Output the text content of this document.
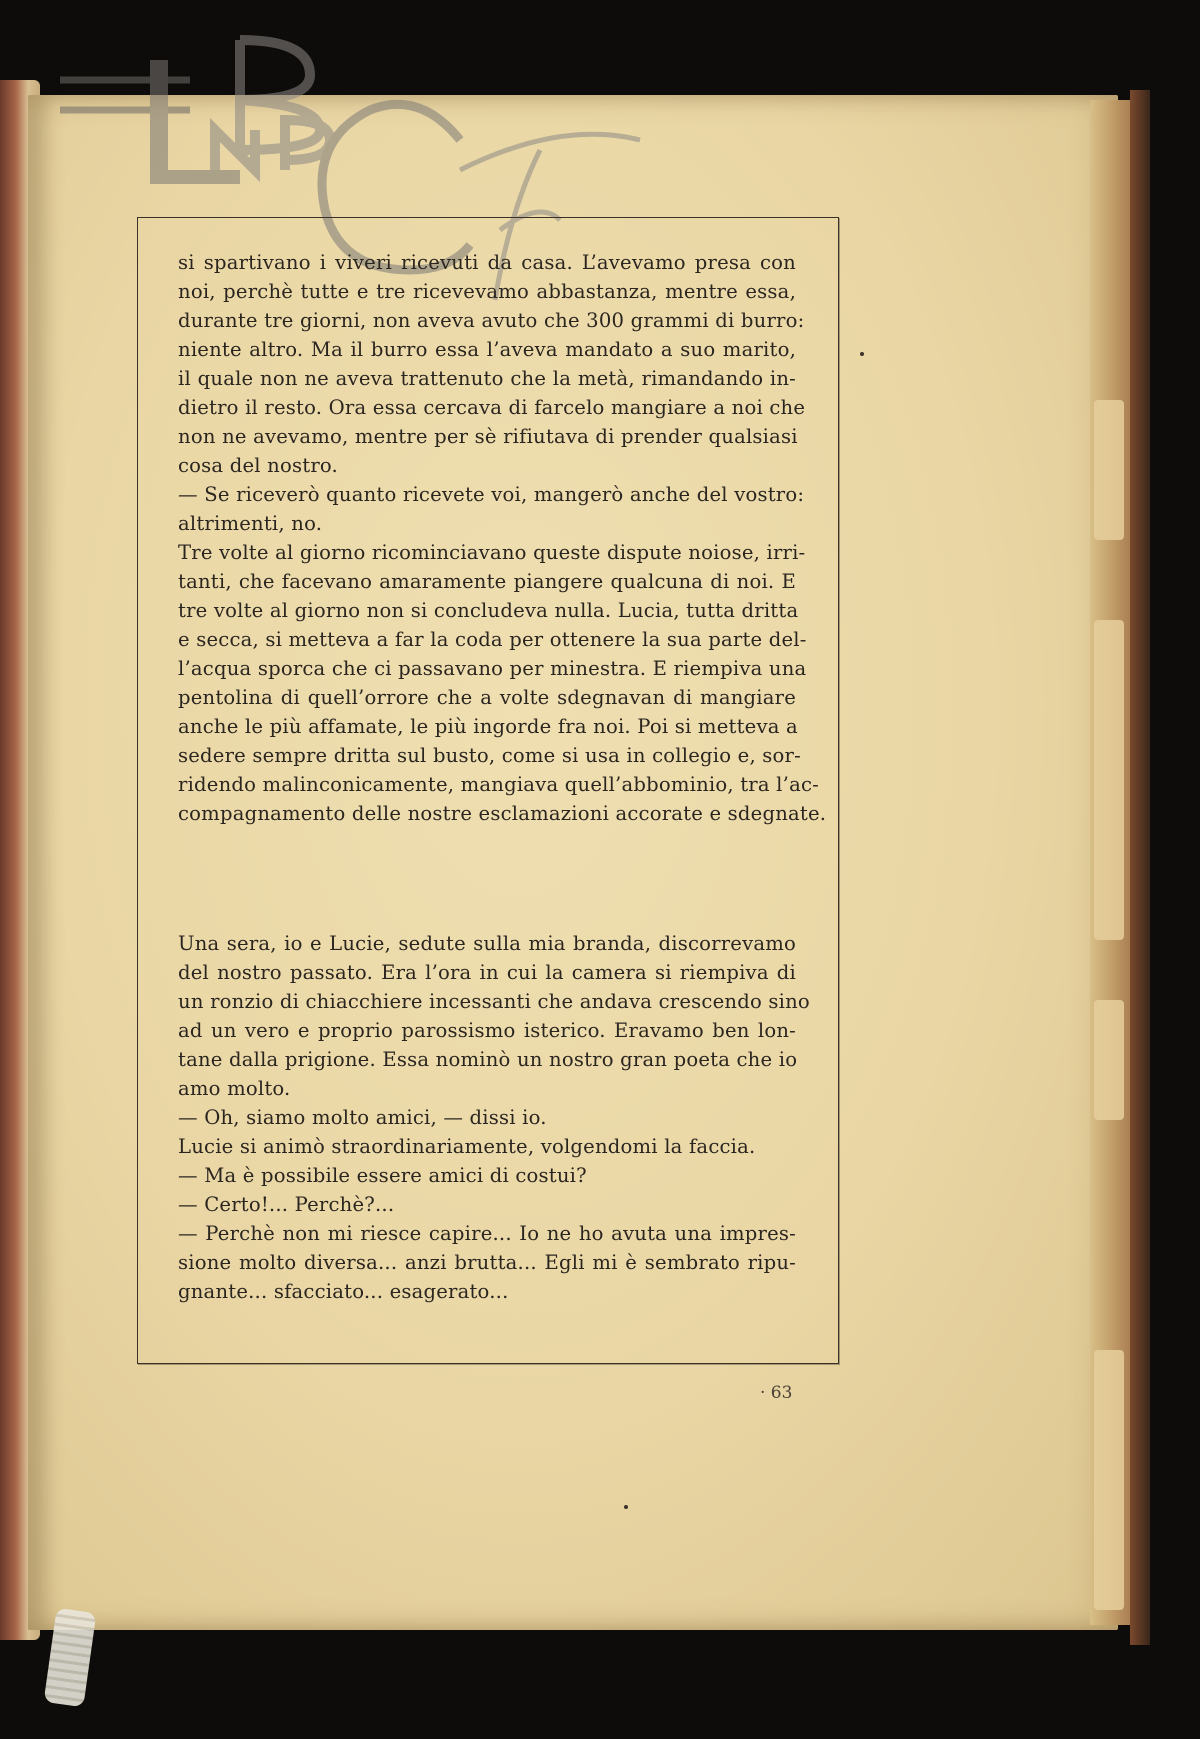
si spartivano i viveri ricevuti da casa. L’avevamo presa con

noi, perchè tutte e tre ricevevamo abbastanza, mentre essa,

durante tre giorni, non aveva avuto che 300 grammi di burro:

niente altro. Ma il burro essa l’aveva mandato a suo marito,

il quale non ne aveva trattenuto che la metà, rimandando in-

dietro il resto. Ora essa cercava di farcelo mangiare a noi che

non ne avevamo, mentre per sè rifiutava di prender qualsiasi

cosa del nostro.

— Se riceverò quanto ricevete voi, mangerò anche del vostro:

altrimenti, no.

Tre volte al giorno ricominciavano queste dispute noiose, irri-

tanti, che facevano amaramente piangere qualcuna di noi. E

tre volte al giorno non si concludeva nulla. Lucia, tutta dritta

e secca, si metteva a far la coda per ottenere la sua parte del-

l’acqua sporca che ci passavano per minestra. E riempiva una

pentolina di quell’orrore che a volte sdegnavan di mangiare

anche le più affamate, le più ingorde fra noi. Poi si metteva a

sedere sempre dritta sul busto, come si usa in collegio e, sor-

ridendo malinconicamente, mangiava quell’abbominio, tra l’ac-

compagnamento delle nostre esclamazioni accorate e sdegnate.

Una sera, io e Lucie, sedute sulla mia branda, discorrevamo

del nostro passato. Era l’ora in cui la camera si riempiva di

un ronzio di chiacchiere incessanti che andava crescendo sino

ad un vero e proprio parossismo isterico. Eravamo ben lon-

tane dalla prigione. Essa nominò un nostro gran poeta che io

amo molto.

— Oh, siamo molto amici, — dissi io.

Lucie si animò straordinariamente, volgendomi la faccia.

— Ma è possibile essere amici di costui?

— Certo!... Perchè?...

— Perchè non mi riesce capire... Io ne ho avuta una impres-

sione molto diversa... anzi brutta... Egli mi è sembrato ripu-

gnante... sfacciato... esagerato...

· 63
